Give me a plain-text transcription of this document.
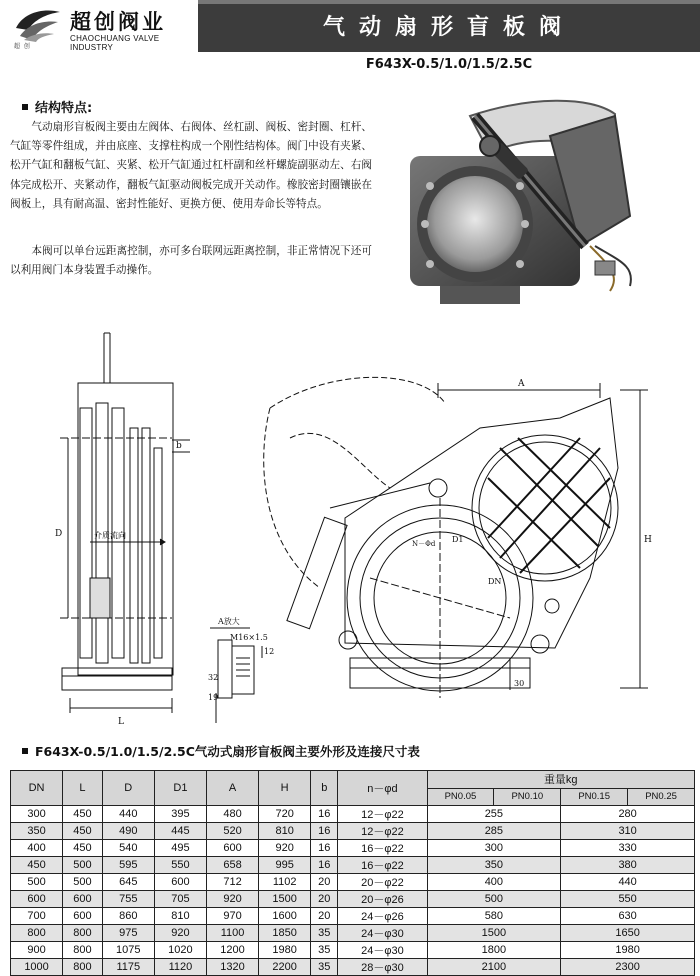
超 创
超创阀业
CHAOCHUANG VALVE INDUSTRY
气动扇形盲板阀
F643X-0.5/1.0/1.5/2.5C
结构特点:
　　气动扇形盲板阀主要由左阀体、右阀体、丝杠副、阀板、密封圈、杠杆、气缸等零件组成，并由底座、支撑柱构成一个刚性结构体。阀门中设有夹紧、松开气缸和翻板气缸、夹紧、松开气缸通过杠杆副和丝杆螺旋副驱动左、右阀体完成松开、夹紧动作，翻板气缸驱动阀板完成开关动作。橡胶密封圈镶嵌在阀板上，具有耐高温、密封性能好、更换方便、使用寿命长等特点。
　　本阀可以单台远距离控制，亦可多台联网远距离控制，非正常情况下还可以利用阀门本身装置手动操作。
D
L
b
介质流向
A放大
M16×1.5
12
32
19
A
H
DN
D1
N－Φd
30
F643X-0.5/1.0/1.5/2.5C气动式扇形盲板阀主要外形及连接尺寸表
DN	L	D	D1	A	H	b	n－φd	重量kg			
								PN0.05	PN0.10	PN0.15	PN0.25
300	450	440	395	480	720	16	12－φ22	255		280	
350	450	490	445	520	810	16	12－φ22	285		310	
400	450	540	495	600	920	16	16－φ22	300		330	
450	500	595	550	658	995	16	16－φ22	350		380	
500	500	645	600	712	1102	20	20－φ22	400		440	
600	600	755	705	920	1500	20	20－φ26	500		550	
700	600	860	810	970	1600	20	24－φ26	580		630	
800	800	975	920	1100	1850	35	24－φ30	1500		1650	
900	800	1075	1020	1200	1980	35	24－φ30	1800		1980	
1000	800	1175	1120	1320	2200	35	28－φ30	2100		2300	
